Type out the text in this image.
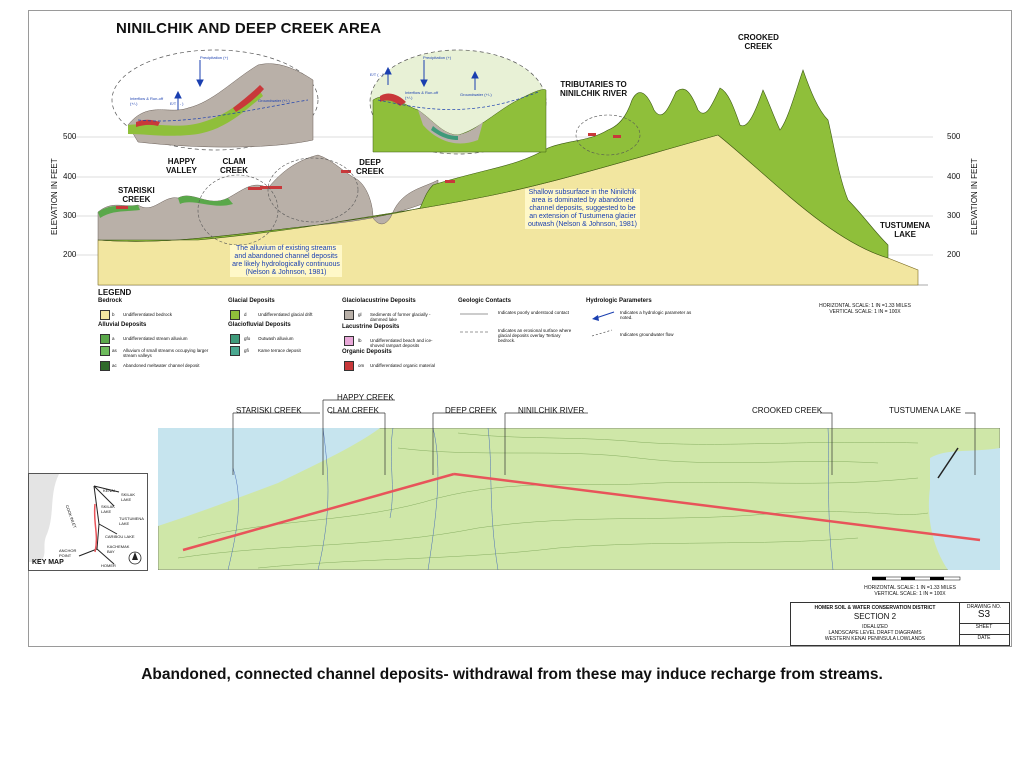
NINILCHIK AND DEEP CREEK AREA
Precipitation (+)	Precipitation (+)
E/T ( - )
E/T ( - )
Interflow & Run-off (+/-)
Interflow & Run-off (+/-)
Groundwater (+/-)
Groundwater (+/-)
ELEVATION IN FEET	ELEVATION IN FEET
500
400
300
200
500
400
300
200
STARISKI
CREEK
HAPPY
VALLEY
CLAM
CREEK
DEEP
CREEK
TRIBUTARIES TO
NINILCHIK RIVER
CROOKED
CREEK
TUSTUMENA
LAKE
Shallow subsurface in the Ninilchik area is dominated by abandoned channel deposits, suggested to be an extension of Tustumena glacier outwash (Nelson & Johnson, 1981)
The alluvium of existing streams and abandoned channel deposits are likely hydrologically continuous (Nelson & Johnson, 1981)
HORIZONTAL SCALE: 1 IN =1.33 MILES
VERTICAL SCALE: 1 IN = 100X
LEGEND
Bedrock
b Undifferentiated bedrock
Alluvial Deposits
a Undifferentiated stream alluvium
as Alluvium of small streams occupying larger stream valleys
ac Abandoned meltwater channel deposit
Glacial Deposits
d	Undifferentiated glacial drift
Glaciofluvial Deposits
gfo Outwash alluvium
gfi Kame terrace deposit
Glaciolacustrine Deposits
gl Sediments of former glacially -dammed lake
Lacustrine Deposits
lb Undifferentiated beach and ice-shoved rampart deposits
Organic Deposits
om Undifferentiated organic material
Geologic Contacts
Indicates poorly understood contact
Indicates an erosional surface where glacial deposits overlay Tertiary bedrock.
Hydrologic Parameters
Indicates a hydrologic parameter as noted.
Indicates groundwater flow
STARISKI CREEK
HAPPY CREEK
CLAM CREEK	DEEP CREEK	NINILCHIK RIVER	CROOKED CREEK	TUSTUMENA LAKE
KENAI
SKILAK LAKE
SKILAK LAKE
TUSTUMENA LAKE
CARIBOU LAKE
COOK INLET
ANCHOR POINT
KACHEMAK BAY
HOMER
KEY MAP
HORIZONTAL SCALE: 1 IN =1.33 MILES
VERTICAL SCALE: 1 IN = 100X
HOMER SOIL & WATER CONSERVATION DISTRICT
SECTION 2
IDEALIZED
LANDSCAPE LEVEL DRAFT DIAGRAMS
WESTERN KENAI PENINSULA LOWLANDS
DRAWING NO.
S3
SHEET
DATE
Abandoned, connected channel deposits- withdrawal from these may induce recharge from streams.
